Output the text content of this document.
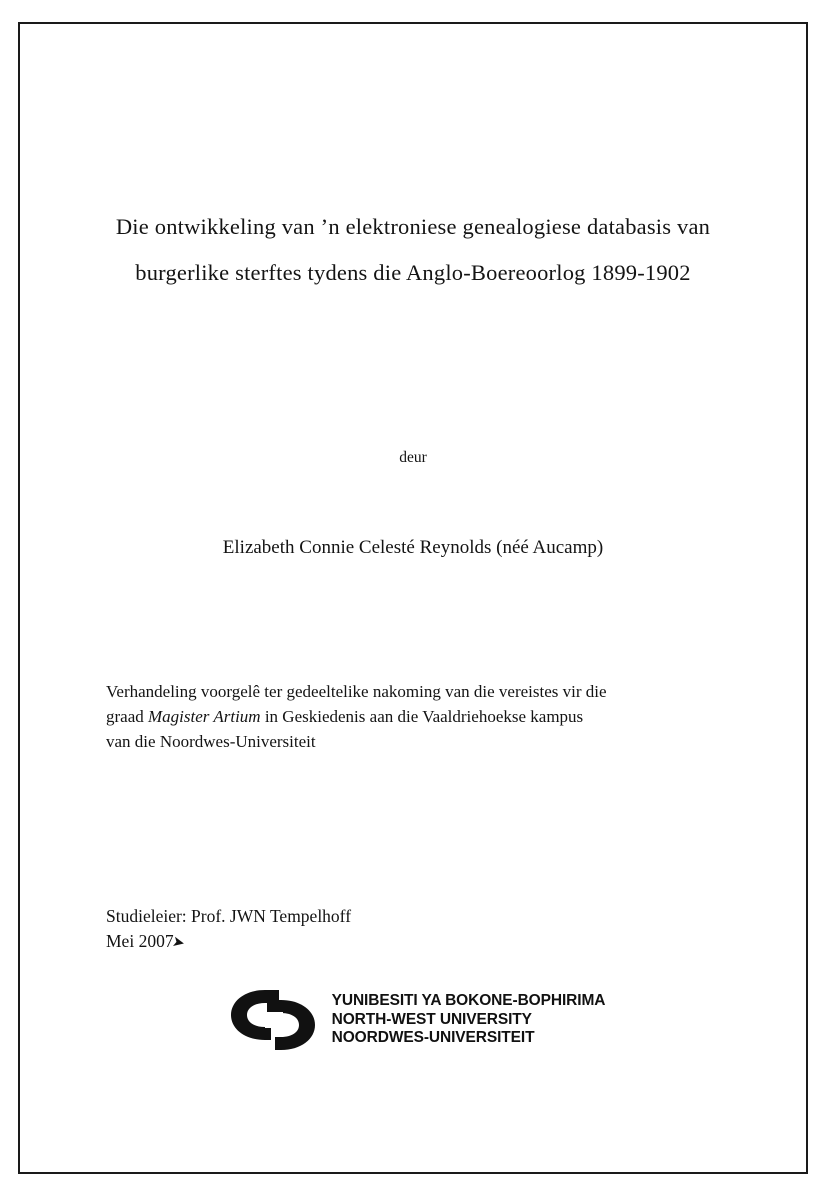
Die ontwikkeling van ’n elektroniese genealogiese databasis van
burgerlike sterftes tydens die Anglo-Boereoorlog 1899-1902
deur
Elizabeth Connie Celesté Reynolds (néé Aucamp)

Verhandeling voorgelê ter gedeeltelike nakoming van die vereistes vir die

graad Magister Artium in Geskiedenis aan die Vaaldriehoekse kampus

van die Noordwes-Universiteit

Studieleier: Prof. JWN Tempelhoff

Mei 2007
➤

YUNIBESITI YA BOKONE-BOPHIRIMA
NORTH-WEST UNIVERSITY
NOORDWES-UNIVERSITEIT
